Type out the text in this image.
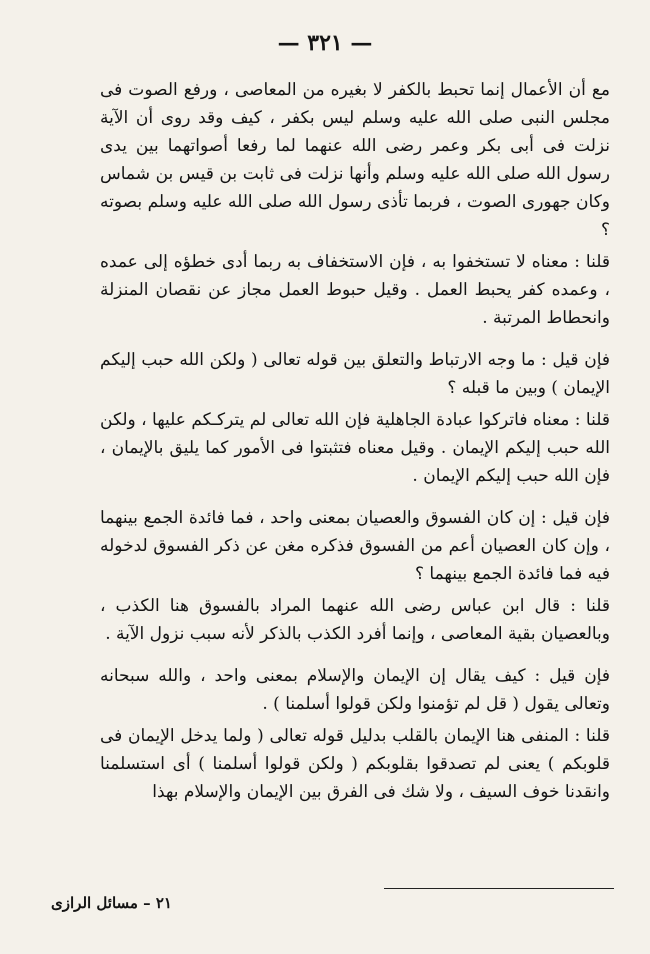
— ٣٢١ —

مع أن الأعمال إنما تحبط بالكفر لا بغيره من المعاصى ، ورفع الصوت فى مجلس النبى صلى الله عليه وسلم ليس بكفر ، كيف وقد روى أن الآية نزلت فى أبى بكر وعمر رضى الله عنهما لما رفعا أصواتهما بين يدى رسول الله صلى الله عليه وسلم وأنها نزلت فى ثابت بن قيس بن شماس وكان جهورى الصوت ، فربما تأذى رسول الله صلى الله عليه وسلم بصوته ؟

قلنا : معناه لا تستخفوا به ، فإن الاستخفاف به ربما أدى خطؤه إلى عمده ، وعمده كفر يحبط العمل . وقيل حبوط العمل مجاز عن نقصان المنزلة وانحطاط المرتبة .

فإن قيل : ما وجه الارتباط والتعلق بين قوله تعالى ( ولكن الله حبب إليكم الإيمان ) وبين ما قبله ؟

قلنا : معناه فاتركوا عبادة الجاهلية فإن الله تعالى لم يتركـكم عليها ، ولكن الله حبب إليكم الإيمان . وقيل معناه فتثبتوا فى الأمور كما يليق بالإيمان ، فإن الله حبب إليكم الإيمان .

فإن قيل : إن كان الفسوق والعصيان بمعنى واحد ، فما فائدة الجمع بينهما ، وإن كان العصيان أعم من الفسوق فذكره مغن عن ذكر الفسوق لدخوله فيه فما فائدة الجمع بينهما ؟

قلنا : قال ابن عباس رضى الله عنهما المراد بالفسوق هنا الكذب ، وبالعصيان بقية المعاصى ، وإنما أفرد الكذب بالذكر لأنه سبب نزول الآية .

فإن قيل : كيف يقال إن الإيمان والإسلام بمعنى واحد ، والله سبحانه وتعالى يقول ( قل لم تؤمنوا ولكن قولوا أسلمنا ) .

قلنا : المنفى هنا الإيمان بالقلب بدليل قوله تعالى ( ولما يدخل الإيمان فى قلوبكم ) يعنى لم تصدقوا بقلوبكم ( ولكن قولوا أسلمنا ) أى استسلمنا وانقدنا خوف السيف ، ولا شك فى الفرق بين الإيمان والإسلام بهذا

٢١ – مسائل الرازى
